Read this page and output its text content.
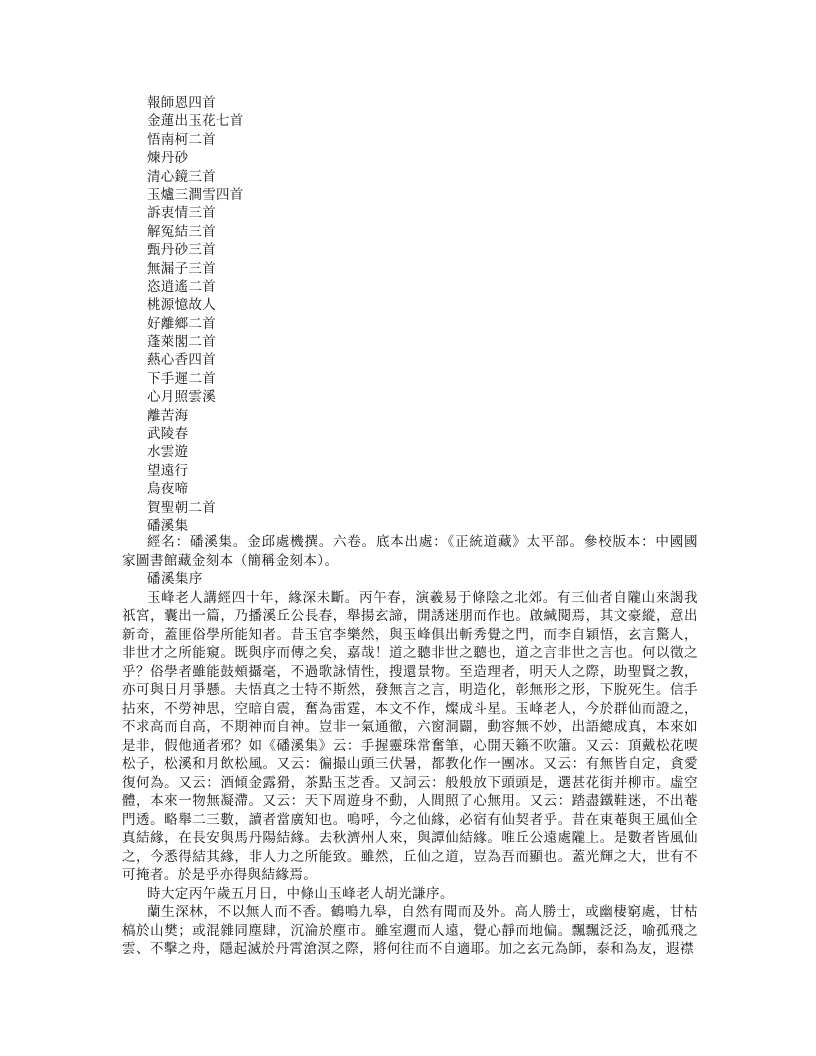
報師恩四首
金蓮出玉花七首
悟南柯二首
煉丹砂
清心鏡三首
玉爐三澗雪四首
訴衷情三首
解冤結三首
甄丹砂三首
無漏子三首
恣逍遙二首
桃源憶故人
好離鄉二首
蓬萊閣二首
爇心香四首
下手遲二首
心月照雲溪
離苦海
武陵春
水雲遊
望遠行
烏夜啼
賀聖朝二首
磻溪集

經名：磻溪集。金邱處機撰。六卷。底本出處：《正統道藏》太平部。參校版本：中國國家圖書館藏金刻本（簡稱金刻本）。

磻溪集序

玉峰老人講經四十年，緣深未斷。丙午春，演羲易于條陰之北郊。有三仙者自隴山來謁我祇宮，囊出一篇，乃播溪丘公長春，舉揚玄諦，開誘迷朋而作也。啟緘閱焉，其文豪縱，意出新奇，蓋匪俗學所能知者。昔玉官李樂然，與玉峰俱出斬秀覺之門，而李自穎悟，玄言驚人，非世才之所能窺。既與序而傳之矣，嘉哉！道之聽非世之聽也，道之言非世之言也。何以徵之乎？俗學者雖能鼓頰攝毫，不過歌詠情性，搜還景物。至造理者，明天人之際，助聖賢之教，亦可與日月爭懸。夫悟真之士特不斯然，發無言之言，明造化，彰無形之形，下脫死生。信手拈來，不勞神思，空暗自震，奮為雷霆，本文不作，燦成斗星。玉峰老人，今於群仙而證之，不求高而自高，不期神而自神。豈非一氣通徹，六窗洞闢，動容無不妙，出語總成真，本來如是非，假他通者邪？如《磻溪集》云：手握靈珠常奮筆，心開天籟不吹簫。又云：頂戴松花喫松子，松溪和月飲松風。又云：徧撮山頭三伏暑，都教化作一團冰。又云：有無皆自定，貪愛復何為。又云：酒傾金露猾，茶點玉芝香。又詞云：般般放下頭頭是，選甚花街并柳市。虛空體，本來一物無凝滯。又云：天下周遊身不動，人間照了心無用。又云：踏盡鐵鞋迷，不出菴門透。略舉二三數，讀者當廣知也。嗚呼，今之仙緣，必宿有仙契者乎。昔在東菴與王風仙全真結緣，在長安與馬丹陽結緣。去秋濟州人來，與譚仙結緣。唯丘公遠處隴上。是數者皆風仙之，今悉得結其緣，非人力之所能致。雖然，丘仙之道，豈為吾而顯也。蓋光輝之大，世有不可掩者。於是乎亦得與結緣焉。

時大定丙午歲五月日，中條山玉峰老人胡光謙序。

蘭生深林，不以無人而不香。鶴鳴九皋，自然有聞而及外。高人勝士，或幽棲窮處，甘枯槁於山樊；或混雜同塵肆，沉淪於塵市。雖室邇而人遠，覺心靜而地偏。飄飄泛泛，喻孤飛之雲、不擊之舟，隱起滅於丹霄滄溟之際，將何往而不自適耶。加之玄元為師，泰和為友，遐襟
